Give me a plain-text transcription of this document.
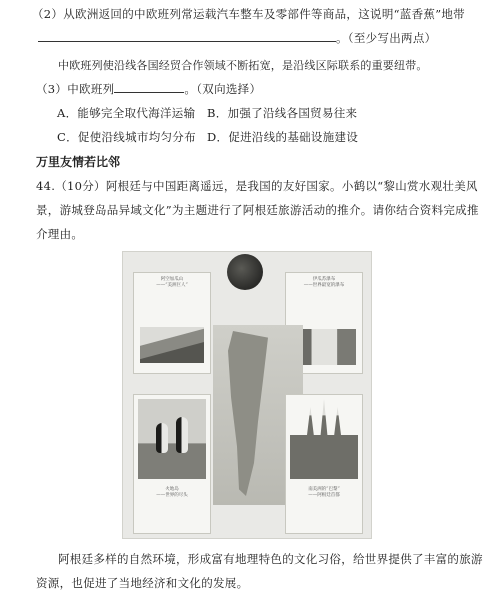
（2）从欧洲返回的中欧班列常运载汽车整车及零部件等商品，这说明“蓝香蕉”地带
。（至少写出两点）
中欧班列使沿线各国经贸合作领域不断拓宽，是沿线区际联系的重要纽带。
（3）中欧班列	。（双向选择）
A．能够完全取代海洋运输 B．加强了沿线各国贸易往来
C．促使沿线城市均匀分布 D．促进沿线的基础设施建设
万里友情若比邻
44.（10分）阿根廷与中国距离遥远，是我国的友好国家。小鹤以“黎山赏水观壮美风
景，游城登岛品异域文化”为主题进行了阿根廷旅游活动的推介。请你结合资料完成推
介理由。
阿空加瓜山
——“美洲巨人”
伊瓜苏瀑布
——世界最宽的瀑布
火地岛
——世界的尽头
南美洲的“巴黎”
——阿根廷首都
阿根廷多样的自然环境，形成富有地理特色的文化习俗，给世界提供了丰富的旅游
资源，也促进了当地经济和文化的发展。
